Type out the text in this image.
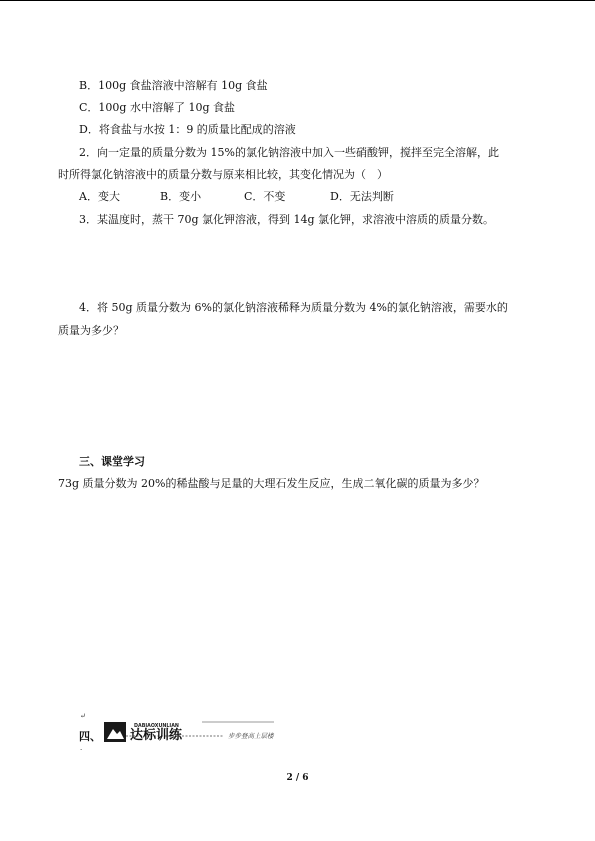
B．100g 食盐溶液中溶解有 10g 食盐
C．100g 水中溶解了 10g 食盐
D．将食盐与水按 1：9 的质量比配成的溶液
2．向一定量的质量分数为 15%的氯化钠溶液中加入一些硝酸钾，搅拌至完全溶解，此
时所得氯化钠溶液中的质量分数与原来相比较，其变化情况为（　）
A．变大	B．变小	C．不变	D．无法判断
3．某温度时，蒸干 70g 氯化钾溶液，得到 14g 氯化钾，求溶液中溶质的质量分数。
4．将 50g 质量分数为 6%的氯化钠溶液稀释为质量分数为 4%的氯化钠溶液，需要水的
质量为多少？
三、课堂学习
73g 质量分数为 20%的稀盐酸与足量的大理石发生反应，生成二氧化碳的质量为多少？
↵
四、
DABIAOXUNLIAN
达标训练	步步登高上层楼
·
2 / 6
